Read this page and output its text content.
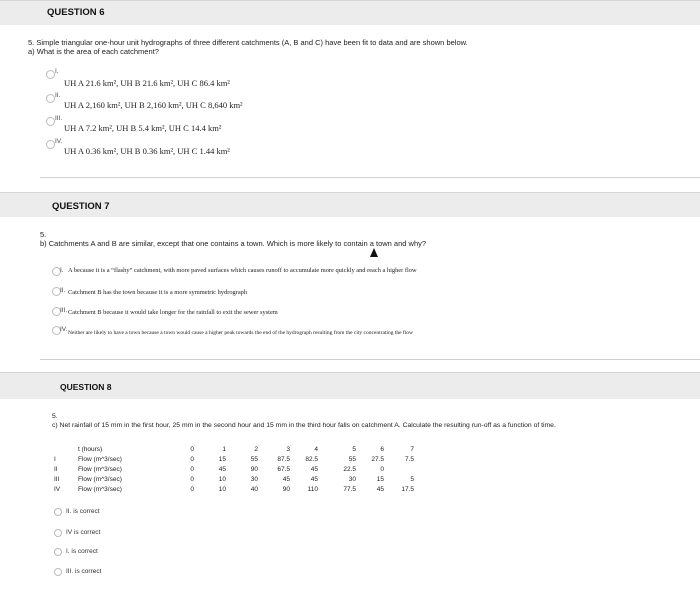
QUESTION 6
5. Simple triangular one-hour unit hydrographs of three different catchments (A, B and C) have been fit to data and are shown below.
a) What is the area of each catchment?
I.
UH A 21.6 km², UH B 21.6 km², UH C 86.4 km²
II.
UH A 2,160 km², UH B 2,160 km², UH C 8,640 km²
III.
UH A 7.2 km², UH B 5.4 km², UH C 14.4 km²
IV.
UH A 0.36 km², UH B 0.36 km², UH C 1.44 km²
QUESTION 7
5.
b) Catchments A and B are similar, except that one contains a town. Which is more likely to contain a town and why?
I. A because it is a “flashy” catchment, with more paved surfaces which causes runoff to accumulate more quickly and reach a higher flow
II. Catchment B has the town because it is a more symmetric hydrograph
III. Catchment B because it would take longer for the rainfall to exit the sewer system
IV. Neither are likely to have a town because a town would cause a higher peak towards the end of the hydrograph resulting from the city concentrating the flow
QUESTION 8
5.
c) Net rainfall of 15 mm in the first hour, 25 mm in the second hour and 15 mm in the third hour falls on catchment A. Calculate the resulting run-off as a function of time.
	t (hours)	0	1	2	3	4	5	6	7
I	Flow (m^3/sec)	0	15	55	87.5	82.5	55	27.5	7.5
II	Flow (m^3/sec)	0	45	90	67.5	45	22.5	0	
III	Flow (m^3/sec)	0	10	30	45	45	30	15	5
IV	Flow (m^3/sec)	0	10	40	90	110	77.5	45	17.5
II. is correct
IV is correct
I. is correct
III. is correct
